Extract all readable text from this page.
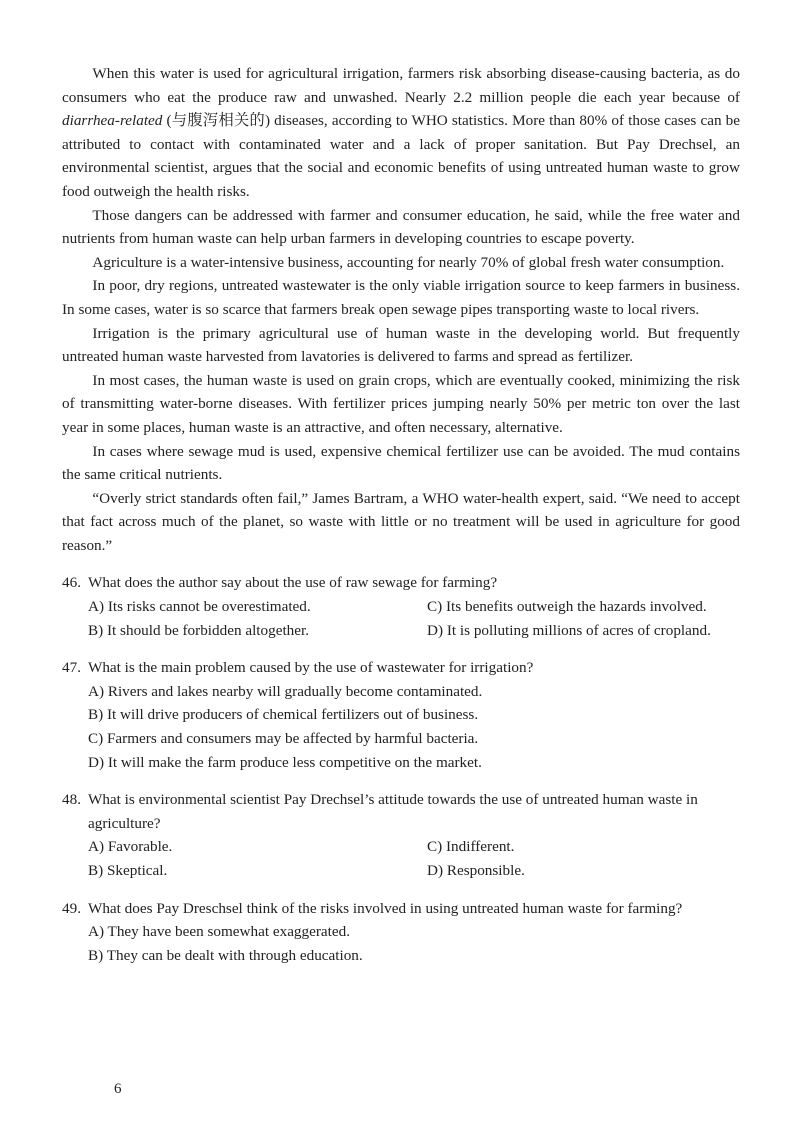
When this water is used for agricultural irrigation, farmers risk absorbing disease-causing bacteria, as do consumers who eat the produce raw and unwashed. Nearly 2.2 million people die each year because of diarrhea-related (与腹泻相关的) diseases, according to WHO statistics. More than 80% of those cases can be attributed to contact with contaminated water and a lack of proper sanitation. But Pay Drechsel, an environmental scientist, argues that the social and economic benefits of using untreated human waste to grow food outweigh the health risks.

Those dangers can be addressed with farmer and consumer education, he said, while the free water and nutrients from human waste can help urban farmers in developing countries to escape poverty.

Agriculture is a water-intensive business, accounting for nearly 70% of global fresh water consumption.

In poor, dry regions, untreated wastewater is the only viable irrigation source to keep farmers in business. In some cases, water is so scarce that farmers break open sewage pipes transporting waste to local rivers.

Irrigation is the primary agricultural use of human waste in the developing world. But frequently untreated human waste harvested from lavatories is delivered to farms and spread as fertilizer.

In most cases, the human waste is used on grain crops, which are eventually cooked, minimizing the risk of transmitting water-borne diseases. With fertilizer prices jumping nearly 50% per metric ton over the last year in some places, human waste is an attractive, and often necessary, alternative.

In cases where sewage mud is used, expensive chemical fertilizer use can be avoided. The mud contains the same critical nutrients.

“Overly strict standards often fail,” James Bartram, a WHO water-health expert, said. “We need to accept that fact across much of the planet, so waste with little or no treatment will be used in agriculture for good reason.”

46. What does the author say about the use of raw sewage for farming?

A) Its risks cannot be overestimated.	C) Its benefits outweigh the hazards involved.

B) It should be forbidden altogether.	D) It is polluting millions of acres of cropland.

47. What is the main problem caused by the use of wastewater for irrigation?

A) Rivers and lakes nearby will gradually become contaminated.

B) It will drive producers of chemical fertilizers out of business.

C) Farmers and consumers may be affected by harmful bacteria.

D) It will make the farm produce less competitive on the market.

48. What is environmental scientist Pay Drechsel’s attitude towards the use of untreated human waste in agriculture?

A) Favorable.	C) Indifferent.

B) Skeptical.	D) Responsible.

49. What does Pay Dreschsel think of the risks involved in using untreated human waste for farming?

A) They have been somewhat exaggerated.

B) They can be dealt with through education.

6
